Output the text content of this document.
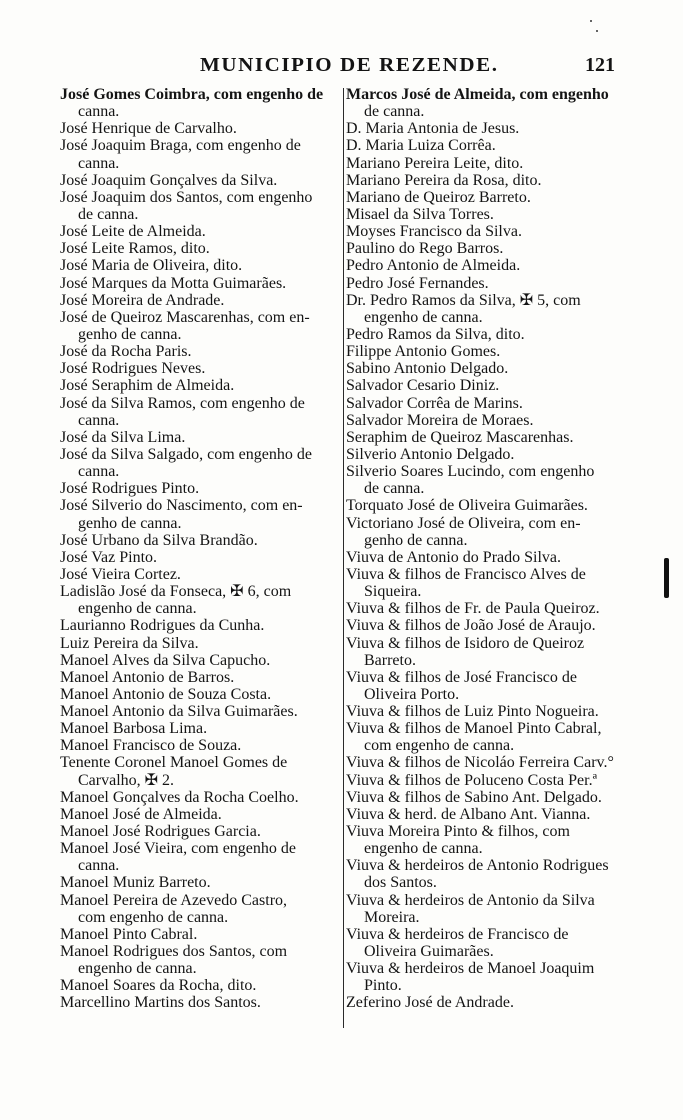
MUNICIPIO DE REZENDE.	121
José Gomes Coimbra, com engenho de
canna.
José Henrique de Carvalho.
José Joaquim Braga, com engenho de
canna.
José Joaquim Gonçalves da Silva.
José Joaquim dos Santos, com engenho
de canna.
José Leite de Almeida.
José Leite Ramos, dito.
José Maria de Oliveira, dito.
José Marques da Motta Guimarães.
José Moreira de Andrade.
José de Queiroz Mascarenhas, com en-
genho de canna.
José da Rocha Paris.
José Rodrigues Neves.
José Seraphim de Almeida.
José da Silva Ramos, com engenho de
canna.
José da Silva Lima.
José da Silva Salgado, com engenho de
canna.
José Rodrigues Pinto.
José Silverio do Nascimento, com en-
genho de canna.
José Urbano da Silva Brandão.
José Vaz Pinto.
José Vieira Cortez.
Ladislão José da Fonseca, ✠ 6, com
engenho de canna.
Laurianno Rodrigues da Cunha.
Luiz Pereira da Silva.
Manoel Alves da Silva Capucho.
Manoel Antonio de Barros.
Manoel Antonio de Souza Costa.
Manoel Antonio da Silva Guimarães.
Manoel Barbosa Lima.
Manoel Francisco de Souza.
Tenente Coronel Manoel Gomes de
Carvalho, ✠ 2.
Manoel Gonçalves da Rocha Coelho.
Manoel José de Almeida.
Manoel José Rodrigues Garcia.
Manoel José Vieira, com engenho de
canna.
Manoel Muniz Barreto.
Manoel Pereira de Azevedo Castro,
com engenho de canna.
Manoel Pinto Cabral.
Manoel Rodrigues dos Santos, com
engenho de canna.
Manoel Soares da Rocha, dito.
Marcellino Martins dos Santos.
Marcos José de Almeida, com engenho
de canna.
D. Maria Antonia de Jesus.
D. Maria Luiza Corrêa.
Mariano Pereira Leite, dito.
Mariano Pereira da Rosa, dito.
Mariano de Queiroz Barreto.
Misael da Silva Torres.
Moyses Francisco da Silva.
Paulino do Rego Barros.
Pedro Antonio de Almeida.
Pedro José Fernandes.
Dr. Pedro Ramos da Silva, ✠ 5, com
engenho de canna.
Pedro Ramos da Silva, dito.
Filippe Antonio Gomes.
Sabino Antonio Delgado.
Salvador Cesario Diniz.
Salvador Corrêa de Marins.
Salvador Moreira de Moraes.
Seraphim de Queiroz Mascarenhas.
Silverio Antonio Delgado.
Silverio Soares Lucindo, com engenho
de canna.
Torquato José de Oliveira Guimarães.
Victoriano José de Oliveira, com en-
genho de canna.
Viuva de Antonio do Prado Silva.
Viuva & filhos de Francisco Alves de
Siqueira.
Viuva & filhos de Fr. de Paula Queiroz.
Viuva & filhos de João José de Araujo.
Viuva & filhos de Isidoro de Queiroz
Barreto.
Viuva & filhos de José Francisco de
Oliveira Porto.
Viuva & filhos de Luiz Pinto Nogueira.
Viuva & filhos de Manoel Pinto Cabral,
com engenho de canna.
Viuva & filhos de Nicoláo Ferreira Carv.°
Viuva & filhos de Poluceno Costa Per.ª
Viuva & filhos de Sabino Ant. Delgado.
Viuva & herd. de Albano Ant. Vianna.
Viuva Moreira Pinto & filhos, com
engenho de canna.
Viuva & herdeiros de Antonio Rodrigues
dos Santos.
Viuva & herdeiros de Antonio da Silva
Moreira.
Viuva & herdeiros de Francisco de
Oliveira Guimarães.
Viuva & herdeiros de Manoel Joaquim
Pinto.
Zeferino José de Andrade.
